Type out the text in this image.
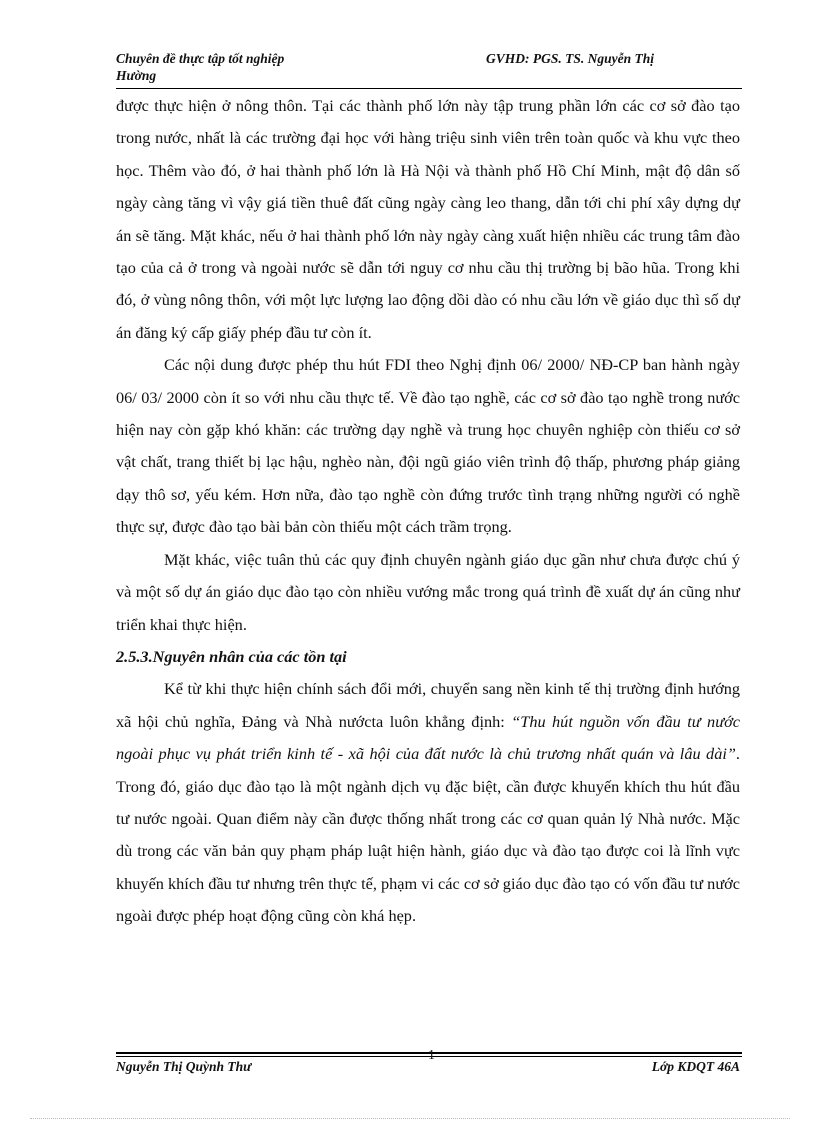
Chuyên đề thực tập tốt nghiệp
Hường
GVHD: PGS. TS. Nguyễn Thị

được thực hiện ở nông thôn. Tại các thành phố lớn này tập trung phần lớn các cơ sở đào tạo trong nước, nhất là các trường đại học với hàng triệu sinh viên trên toàn quốc và khu vực theo học. Thêm vào đó, ở hai thành phố lớn là Hà Nội và thành phố Hồ Chí Minh, mật độ dân số ngày càng tăng vì vậy giá tiền thuê đất cũng ngày càng leo thang, dẫn tới chi phí xây dựng dự án sẽ tăng. Mặt khác, nếu ở hai thành phố lớn này ngày càng xuất hiện nhiều các trung tâm đào tạo của cả ở trong và ngoài nước sẽ dẫn tới nguy cơ nhu cầu thị trường bị bão hũa. Trong khi đó, ở vùng nông thôn, với một lực lượng lao động dồi dào có nhu cầu lớn về giáo dục thì số dự án đăng ký cấp giấy phép đầu tư còn ít.

Các nội dung được phép thu hút FDI theo Nghị định 06/ 2000/ NĐ-CP ban hành ngày 06/ 03/ 2000 còn ít so với nhu cầu thực tế. Về đào tạo nghề, các cơ sở đào tạo nghề trong nước hiện nay còn gặp khó khăn: các trường dạy nghề và trung học chuyên nghiệp còn thiếu cơ sở vật chất, trang thiết bị lạc hậu, nghèo nàn, đội ngũ giáo viên trình độ thấp, phương pháp giảng dạy thô sơ, yếu kém. Hơn nữa, đào tạo nghề còn đứng trước tình trạng những người có nghề thực sự, được đào tạo bài bản còn thiếu một cách trầm trọng.

Mặt khác, việc tuân thủ các quy định chuyên ngành giáo dục gần như chưa được chú ý và một số dự án giáo dục đào tạo còn nhiều vướng mắc trong quá trình đề xuất dự án cũng như triển khai thực hiện.

2.5.3.Nguyên nhân của các tồn tại

Kể từ khi thực hiện chính sách đổi mới, chuyển sang nền kinh tế thị trường định hướng xã hội chủ nghĩa, Đảng và Nhà nướcta luôn khẳng định: “Thu hút nguồn vốn đầu tư nước ngoài phục vụ phát triển kinh tế - xã hội của đất nước là chủ trương nhất quán và lâu dài”. Trong đó, giáo dục đào tạo là một ngành dịch vụ đặc biệt, cần được khuyến khích thu hút đầu tư nước ngoài. Quan điểm này cần được thống nhất trong các cơ quan quản lý Nhà nước. Mặc dù trong các văn bản quy phạm pháp luật hiện hành, giáo dục và đào tạo được coi là lĩnh vực khuyến khích đầu tư nhưng trên thực tế, phạm vi các cơ sở giáo dục đào tạo có vốn đầu tư nước ngoài được phép hoạt động cũng còn khá hẹp.

1
Nguyễn Thị Quỳnh Thư	Lớp KDQT 46A
